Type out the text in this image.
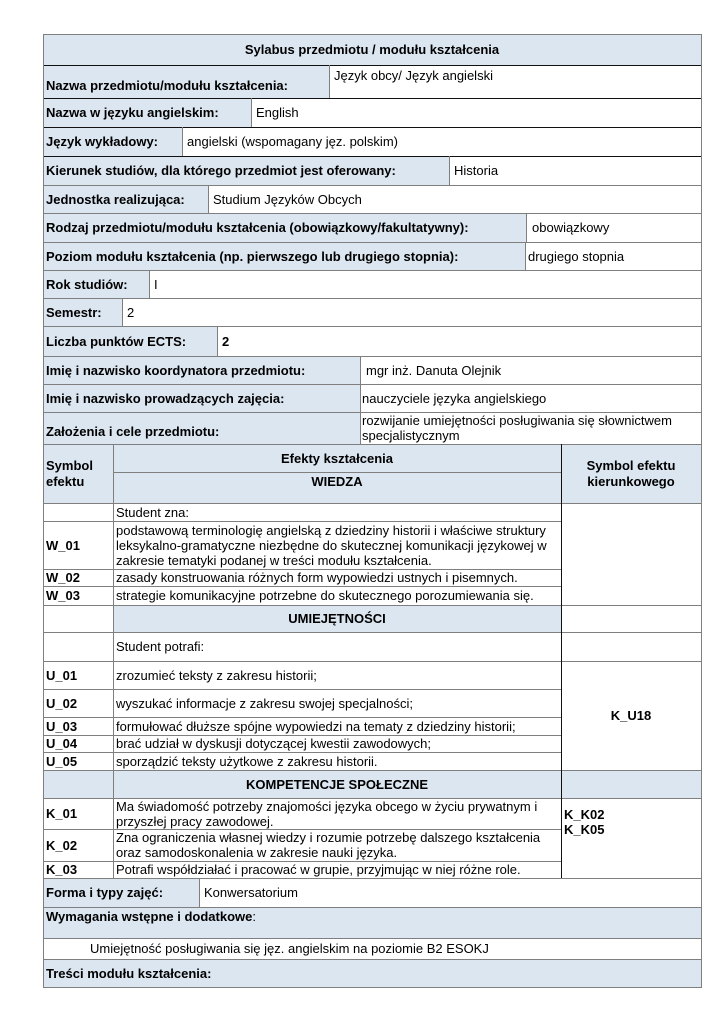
Sylabus przedmiotu / modułu kształcenia
Nazwa przedmiotu/modułu kształcenia:
Język obcy/ Język angielski
Nazwa w języku angielskim:	English
Język wykładowy:	angielski (wspomagany jęz. polskim)
Kierunek studiów, dla którego przedmiot jest oferowany:	Historia
Jednostka realizująca:	Studium Języków Obcych
Rodzaj przedmiotu/modułu kształcenia (obowiązkowy/fakultatywny):	obowiązkowy
Poziom modułu kształcenia (np. pierwszego lub drugiego stopnia):	drugiego stopnia
Rok studiów:	I
Semestr:	2
Liczba punktów ECTS:	2
Imię i nazwisko koordynatora przedmiotu:	mgr inż. Danuta Olejnik
Imię i nazwisko prowadzących zajęcia:	nauczyciele języka angielskiego
Założenia i cele przedmiotu:
rozwijanie umiejętności posługiwania się słownictwem specjalistycznym
Symbol efektu
Efekty kształcenia
WIEDZA
Symbol efektu kierunkowego
Student zna:
W_01
podstawową terminologię angielską z dziedziny historii i właściwe struktury leksykalno-gramatyczne niezbędne do skutecznej komunikacji językowej w zakresie tematyki podanej w treści modułu kształcenia.
W_02	zasady konstruowania różnych form wypowiedzi ustnych i pisemnych.
W_03	strategie komunikacyjne potrzebne do skutecznego porozumiewania się.
UMIEJĘTNOŚCI
Student potrafi:
U_01	zrozumieć teksty z zakresu historii;
U_02	wyszukać informacje z zakresu swojej specjalności;
U_03	formułować dłuższe spójne wypowiedzi na tematy z dziedziny historii;
U_04	brać udział w dyskusji dotyczącej kwestii zawodowych;
U_05	sporządzić teksty użytkowe z zakresu historii.
K_U18
KOMPETENCJE SPOŁECZNE
K_01	Ma świadomość potrzeby znajomości języka obcego w życiu prywatnym i przyszłej pracy zawodowej.
K_02	Zna ograniczenia własnej wiedzy i rozumie potrzebę dalszego kształcenia oraz samodoskonalenia w zakresie nauki języka.
K_03	Potrafi współdziałać i pracować w grupie, przyjmując w niej różne role.
K_K02
K_K05
Forma i typy zajęć:	Konwersatorium
Wymagania wstępne i dodatkowe :
Umiejętność posługiwania się jęz. angielskim na poziomie B2 ESOKJ
Treści modułu kształcenia:
